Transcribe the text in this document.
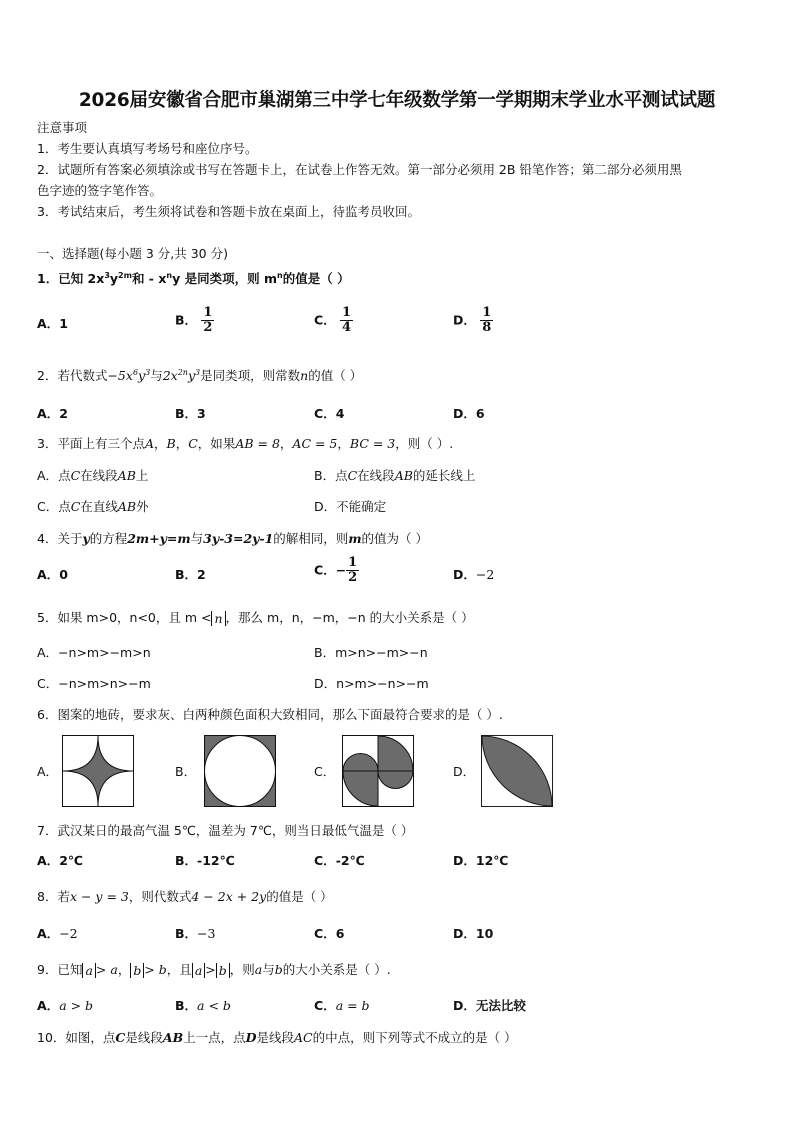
2026届安徽省合肥市巢湖第三中学七年级数学第一学期期末学业水平测试试题
注意事项
1．考生要认真填写考场号和座位序号。
2．试题所有答案必须填涂或书写在答题卡上，在试卷上作答无效。第一部分必须用 2B 铅笔作答；第二部分必须用黑
色字迹的签字笔作答。
3．考试结束后，考生须将试卷和答题卡放在桌面上，待监考员收回。
一、选择题(每小题 3 分,共 30 分)
1．已知 $2x^3y^{2m}$和 - $x^ny$ 是同类项，则 $m^n$的值是（ ）
A．1	B． $\frac{1}{2}$	C． $\frac{1}{4}$	D． $\frac{1}{8}$
2．若代数式$-5x^6y^3$与$2x^{2n}y^3$是同类项，则常数n的值（ ）
A．2	B．3	C．4	D．6
3．平面上有三个点A，B，C，如果AB = 8，AC = 5，BC = 3，则（ ）.
A．点C在线段AB上	B．点C在线段AB的延长线上
C．点C在直线AB外	D．不能确定
4．关于y的方程2m+y=m与3y-3=2y-1的解相同，则m的值为（ ）
A．0	B．2	C．− $\frac{1}{2}$	D．−2
5．如果 m>0，n<0，且 m < n ，那么 m，n，−m，−n 的大小关系是（ ）
A．−n>m>−m>n	B．m>n>−m>−n
C．−n>m>n>−m	D．n>m>−n>−m
6．图案的地砖，要求灰、白两种颜色面积大致相同，那么下面最符合要求的是（ ）.
A．	B．	C．	D．
7．武汉某日的最高气温 5℃，温差为 7℃，则当日最低气温是（ ）
A．2℃	B．-12℃	C．-2℃	D．12℃
8．若x − y = 3，则代数式4 − 2x + 2y的值是（ ）
A．−2	B．−3	C．6	D．10
9．已知 a > a， b > b，且 a > b ，则a与b的大小关系是（ ）.
A．a > b	B．a < b	C．a = b	D．无法比较
10．如图，点C是线段AB上一点，点D是线段AC的中点，则下列等式不成立的是（ ）
